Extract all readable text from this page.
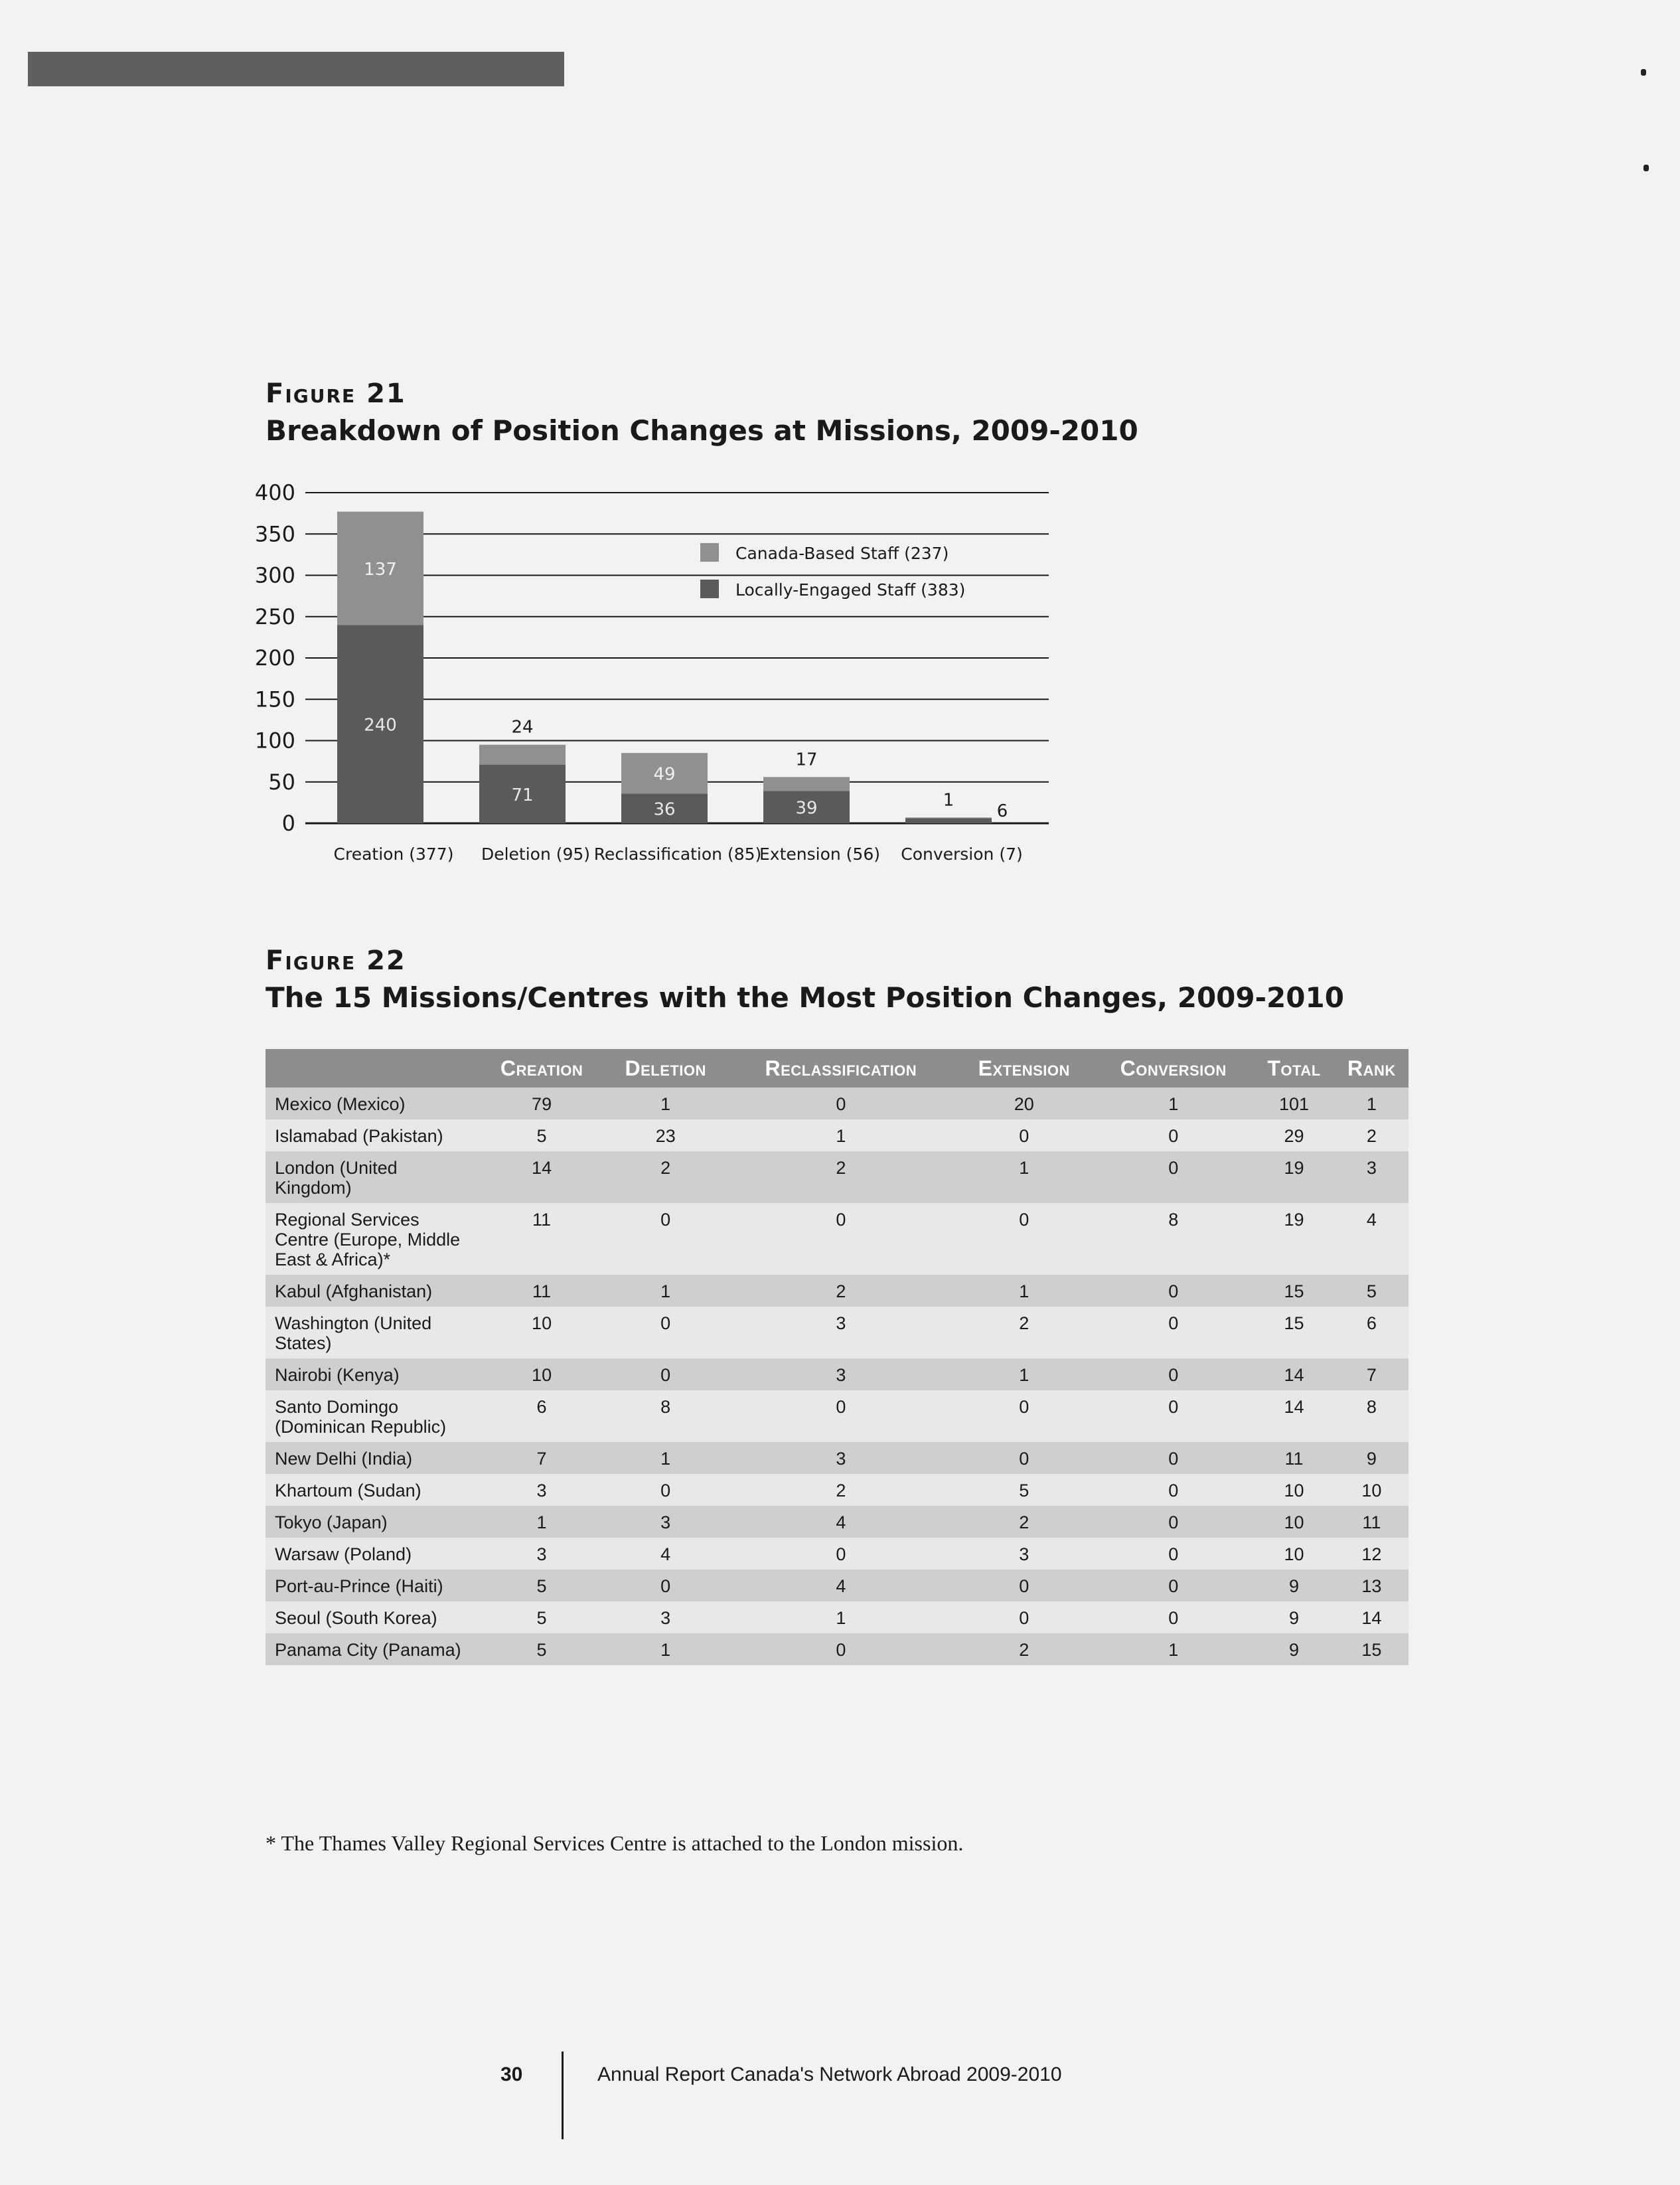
Figure 21
Breakdown of Position Changes at Missions, 2009-2010
0
50
100
150
200
250
300
350
400
240
137
Creation (377)
71
24
Deletion (95)
36
49
Reclassification (85)
39
17
Extension (56)
6
1
Conversion (7)
Canada-Based Staff (237)
Locally-Engaged Staff (383)
Figure 22
The 15 Missions/Centres with the Most Position Changes, 2009-2010
	Creation	Deletion	Reclassification	Extension	Conversion	Total	Rank
Mexico (Mexico)	79	1	0	20	1	101	1
Islamabad (Pakistan)	5	23	1	0	0	29	2
London (United Kingdom)	14	2	2	1	0	19	3
Regional Services Centre (Europe, Middle East & Africa)*	11	0	0	0	8	19	4
Kabul (Afghanistan)	11	1	2	1	0	15	5
Washington (United States)	10	0	3	2	0	15	6
Nairobi (Kenya)	10	0	3	1	0	14	7
Santo Domingo (Dominican Republic)	6	8	0	0	0	14	8
New Delhi (India)	7	1	3	0	0	11	9
Khartoum (Sudan)	3	0	2	5	0	10	10
Tokyo (Japan)	1	3	4	2	0	10	11
Warsaw (Poland)	3	4	0	3	0	10	12
Port-au-Prince (Haiti)	5	0	4	0	0	9	13
Seoul (South Korea)	5	3	1	0	0	9	14
Panama City (Panama)	5	1	0	2	1	9	15
* The Thames Valley Regional Services Centre is attached to the London mission.
30	Annual Report Canada's Network Abroad 2009-2010
